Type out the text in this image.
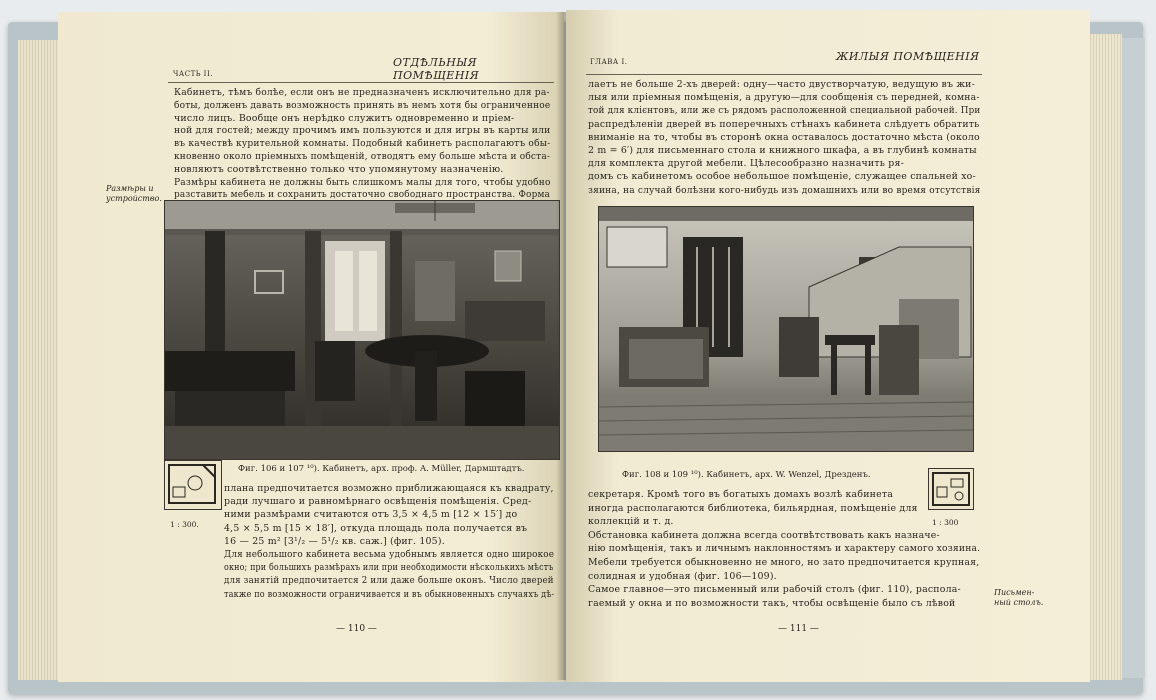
ЧАСТЬ II.
ОТДѢЛЬНЫЯ ПОМѢЩЕНІЯ
Кабинетъ, тѣмъ болѣе, если онъ не предназначенъ исключительно для ра-
боты, долженъ давать возможность принять въ немъ хотя бы ограниченное
число лицъ. Вообще онъ нерѣдко служитъ одновременно и пріем-
ной для гостей; между прочимъ имъ пользуются и для игры въ карты или
въ качествѣ курительной комнаты. Подобный кабинетъ располагаютъ обы-
кновенно около пріемныхъ помѣщеній, отводятъ ему больше мѣста и обста-
новляютъ соотвѣтственно только что упомянутому назначенію.
Размѣры кабинета не должны быть слишкомъ малы для того, чтобы удобно
разставить мебель и сохранить достаточно свободнаго пространства. Форма
Размѣры и устройство.
Фиг. 106 и 107 ¹⁰). Кабинетъ, арх. проф. A. Müller, Дармштадтъ.
1 : 300.
плана предпочитается возможно приближающаяся къ квадрату,
ради лучшаго и равномѣрнаго освѣщенія помѣщенія. Сред-
ними размѣрами считаются отъ 3,5 × 4,5 m [12 × 15′] до
4,5 × 5,5 m [15 × 18′], откуда площадь пола получается въ
16 — 25 m² [3¹/₂ — 5¹/₂ кв. саж.] (фиг. 105).
Для небольшого кабинета весьма удобнымъ является одно широкое
окно; при большихъ размѣрахъ или при необходимости нѣсколькихъ мѣстъ
для занятій предпочитается 2 или даже больше оконъ. Число дверей
также по возможности ограничивается и въ обыкновенныхъ случаяхъ дѣ-
— 110 —
ГЛАВА I.	ЖИЛЫЯ ПОМѢЩЕНІЯ
лаетъ не больше 2-хъ дверей: одну—часто двустворчатую, ведущую въ жи-
лыя или пріемныя помѣщенія, а другую—для сообщенія съ передней, комна-
той для клієнтовъ, или же съ рядомъ расположенной специальной рабочей. При
распредѣленіи дверей въ поперечныхъ стѣнахъ кабинета слѣдуетъ обратить
вниманіе на то, чтобы въ сторонѣ окна оставалось достаточно мѣста (около
2 m = 6′) для письменнаго стола и книжного шкафа, а въ глубинѣ комнаты
для комплекта другой мебели. Цѣлесообразно назначить ря-
домъ съ кабинетомъ особое небольшое помѣщеніе, служащее спальней хо-
зяина, на случай болѣзни кого-нибудь изъ домашнихъ или во время отсутствія
Фиг. 108 и 109 ¹⁰). Кабинетъ, арх. W. Wenzel, Дрезденъ.
1 : 300
секретаря. Кромѣ того въ богатыхъ домахъ возлѣ кабинета
иногда располагаются библиотека, бильярдная, помѣщеніе для
коллекцій и т. д.
Обстановка кабинета должна всегда соотвѣтствовать какъ назначе-
нію помѣщенія, такъ и личнымъ наклонностямъ и характеру самого хозяина.
Мебели требуется обыкновенно не много, но зато предпочитается крупная,
солидная и удобная (фиг. 106—109).
Самое главное—это письменный или рабочій столъ (фиг. 110), распола-
гаемый у окна и по возможности такъ, чтобы освѣщеніе было съ лѣвой
Письмен-ный столъ.
— 111 —
